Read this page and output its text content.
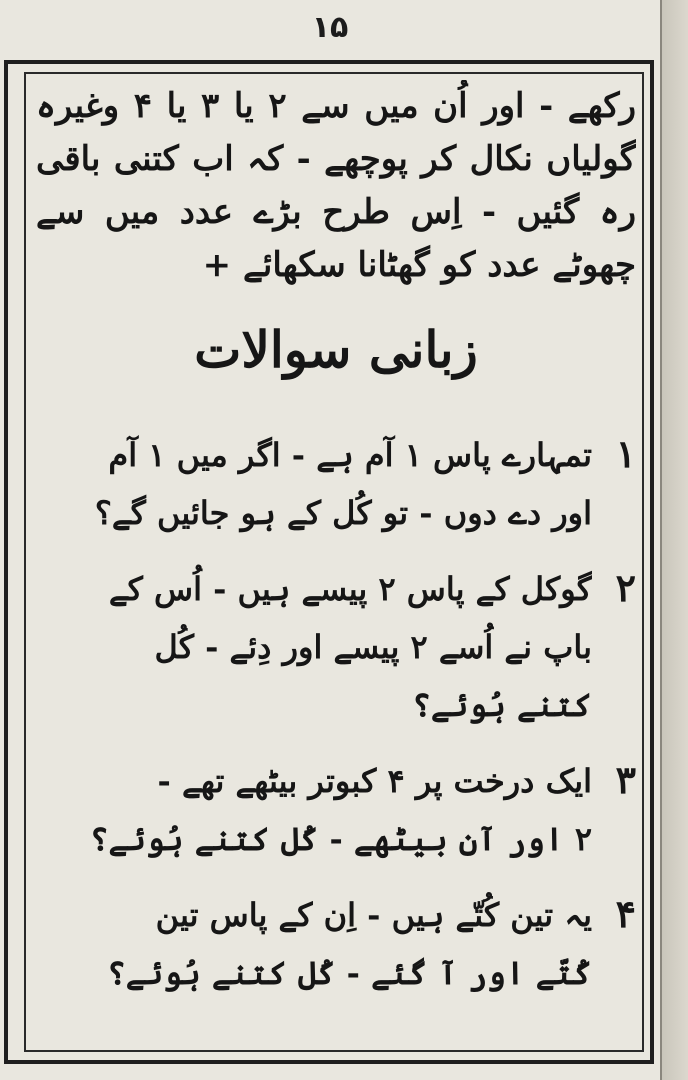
۱۵
رکھے - اور اُن میں سے ۲ یا ۳ یا ۴ وغیرہ
گولیاں نکال کر پوچھے - کہ اب کتنی باقی
رہ گئیں - اِس طرح بڑے عدد میں سے
چھوٹے عدد کو گھٹانا سکھائے +
زبانی سوالات
۱
تمہارے پاس ۱ آم ہے - اگر میں ۱ آم
اور دے دوں - تو کُل کے ہو جائیں گے؟
۲
گوکل کے پاس ۲ پیسے ہیں - اُس کے
باپ نے اُسے ۲ پیسے اور دِئے - کُل
کتنے ہُوئے؟
۳
ایک درخت پر ۴ کبوتر بیٹھے تھے -
۲ اور آن بیٹھے - کُل کتنے ہُوئے؟
۴
یہ تین کُتّے ہیں - اِن کے پاس تین
کُتّے اور آ گئے - کُل کتنے ہُوئے؟
